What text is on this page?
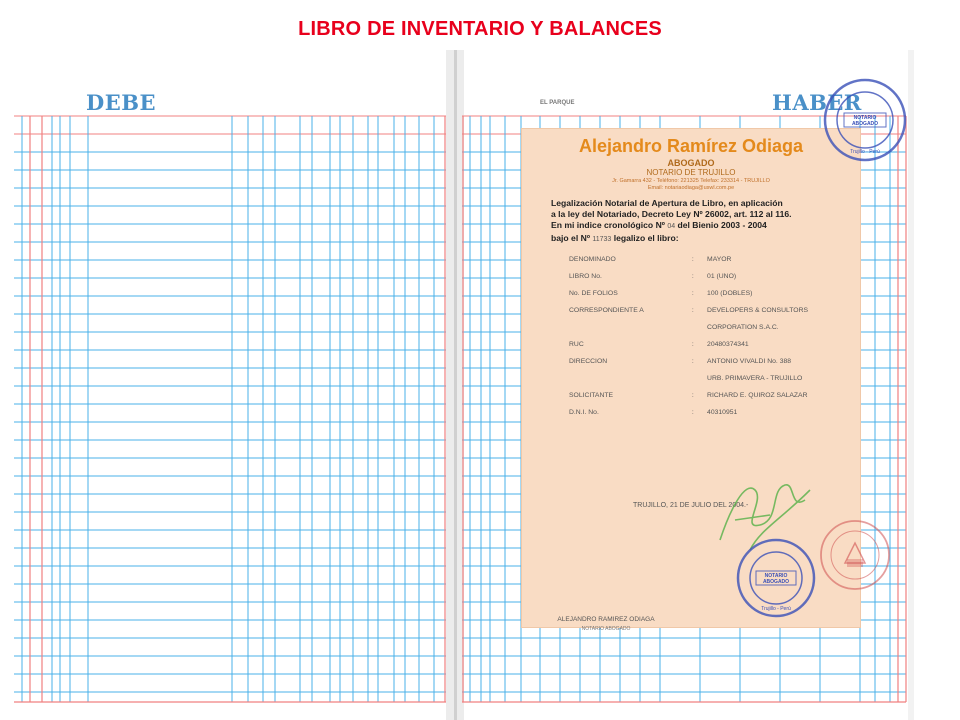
LIBRO DE INVENTARIO Y BALANCES
DEBE	HABER
EL PARQUE
Alejandro Ramírez Odiaga
ABOGADO
NOTARIO DE TRUJILLO
Jr. Gamarra 432 - Teléfono: 221325 Telefax: 233314 - TRUJILLO
Email: notariaodiaga@uswl.com.pe
Legalización Notarial de Apertura de Libro, en aplicación
a la ley del Notariado, Decreto Ley Nº 26002, art. 112 al 116.
En mi indice cronológico Nº 04 del Bienio 2003 - 2004
bajo el Nº 11733 legalizo el libro:
DENOMINADO	:	MAYOR
LIBRO No.	:	01 (UNO)
No. DE FOLIOS	:	100 (DOBLES)
CORRESPONDIENTE A	:	DEVELOPERS & CONSULTORS
		CORPORATION S.A.C.
RUC	:	20480374341
DIRECCION	:	ANTONIO VIVALDI No. 388
		URB. PRIMAVERA - TRUJILLO
SOLICITANTE	:	RICHARD E. QUIROZ SALAZAR
D.N.I. No.	:	40310951
TRUJILLO, 21 DE JULIO DEL 2004.-
ALEJANDRO RAMIREZ ODIAGA
NOTARIO ABOGADO
NOTARIO
ABOGADO
Trujillo - Perú
NOTARIO
ABOGADO
Trujillo - Perú
